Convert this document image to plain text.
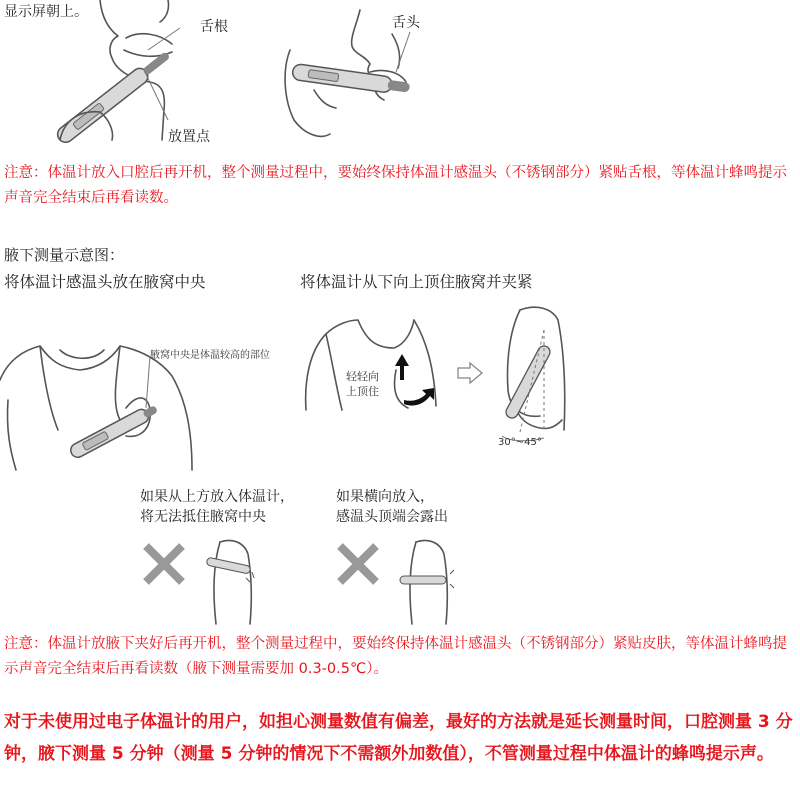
显示屏朝上。
舌根
放置点
舌头
注意：体温计放入口腔后再开机，整个测量过程中，要始终保持体温计感温头（不锈钢部分）紧贴舌根，等体温计蜂鸣提示声音完全结束后再看读数。
腋下测量示意图：
将体温计感温头放在腋窝中央	将体温计从下向上顶住腋窝并夹紧
腋窝中央是体温较高的部位
轻轻向
上顶住
30°~45°
如果从上方放入体温计，
将无法抵住腋窝中央
如果横向放入，
感温头顶端会露出
注意：体温计放腋下夹好后再开机，整个测量过程中，要始终保持体温计感温头（不锈钢部分）紧贴皮肤，等体温计蜂鸣提示声音完全结束后再看读数（腋下测量需要加 0.3-0.5℃）。
对于未使用过电子体温计的用户，如担心测量数值有偏差，最好的方法就是延长测量时间，口腔测量 3 分钟，腋下测量 5 分钟（测量 5 分钟的情况下不需额外加数值），不管测量过程中体温计的蜂鸣提示声。
